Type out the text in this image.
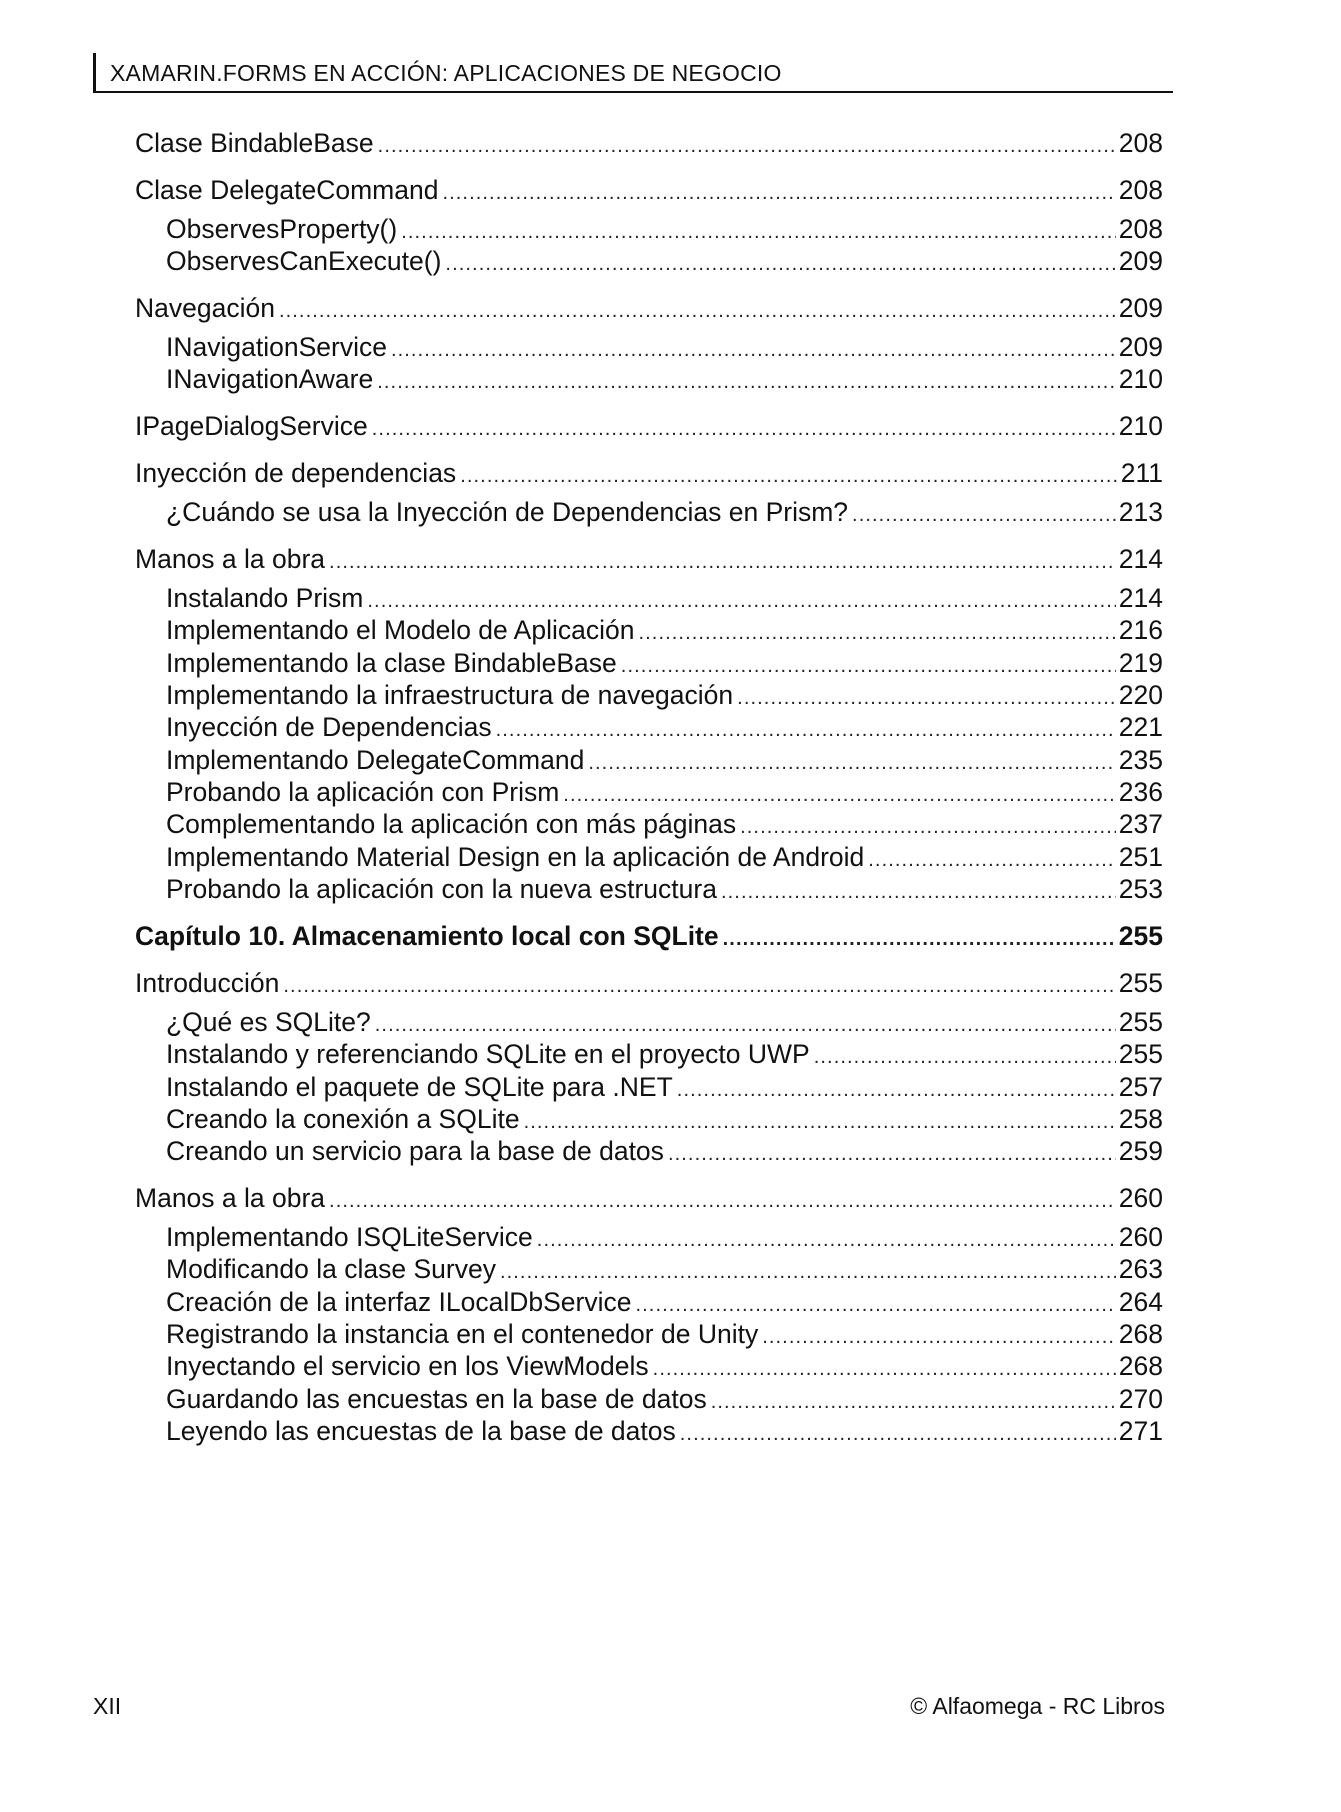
XAMARIN.FORMS EN ACCIÓN: APLICACIONES DE NEGOCIO
Clase BindableBase .....	208
Clase DelegateCommand .....	208
ObservesProperty() .....	208
ObservesCanExecute() .....	209
Navegación .....	209
INavigationService .....	209
INavigationAware .....	210
IPageDialogService .....	210
Inyección de dependencias .....	211
¿Cuándo se usa la Inyección de Dependencias en Prism? .....	213
Manos a la obra .....	214
Instalando Prism .....	214
Implementando el Modelo de Aplicación .....	216
Implementando la clase BindableBase .....	219
Implementando la infraestructura de navegación .....	220
Inyección de Dependencias .....	221
Implementando DelegateCommand .....	235
Probando la aplicación con Prism .....	236
Complementando la aplicación con más páginas .....	237
Implementando Material Design en la aplicación de Android .....	251
Probando la aplicación con la nueva estructura .....	253
Capítulo 10. Almacenamiento local con SQLite .....	255
Introducción .....	255
¿Qué es SQLite? .....	255
Instalando y referenciando SQLite en el proyecto UWP .....	255
Instalando el paquete de SQLite para .NET .....	257
Creando la conexión a SQLite .....	258
Creando un servicio para la base de datos .....	259
Manos a la obra .....	260
Implementando ISQLiteService .....	260
Modificando la clase Survey .....	263
Creación de la interfaz ILocalDbService .....	264
Registrando la instancia en el contenedor de Unity .....	268
Inyectando el servicio en los ViewModels .....	268
Guardando las encuestas en la base de datos .....	270
Leyendo las encuestas de la base de datos .....	271
XII	© Alfaomega - RC Libros
